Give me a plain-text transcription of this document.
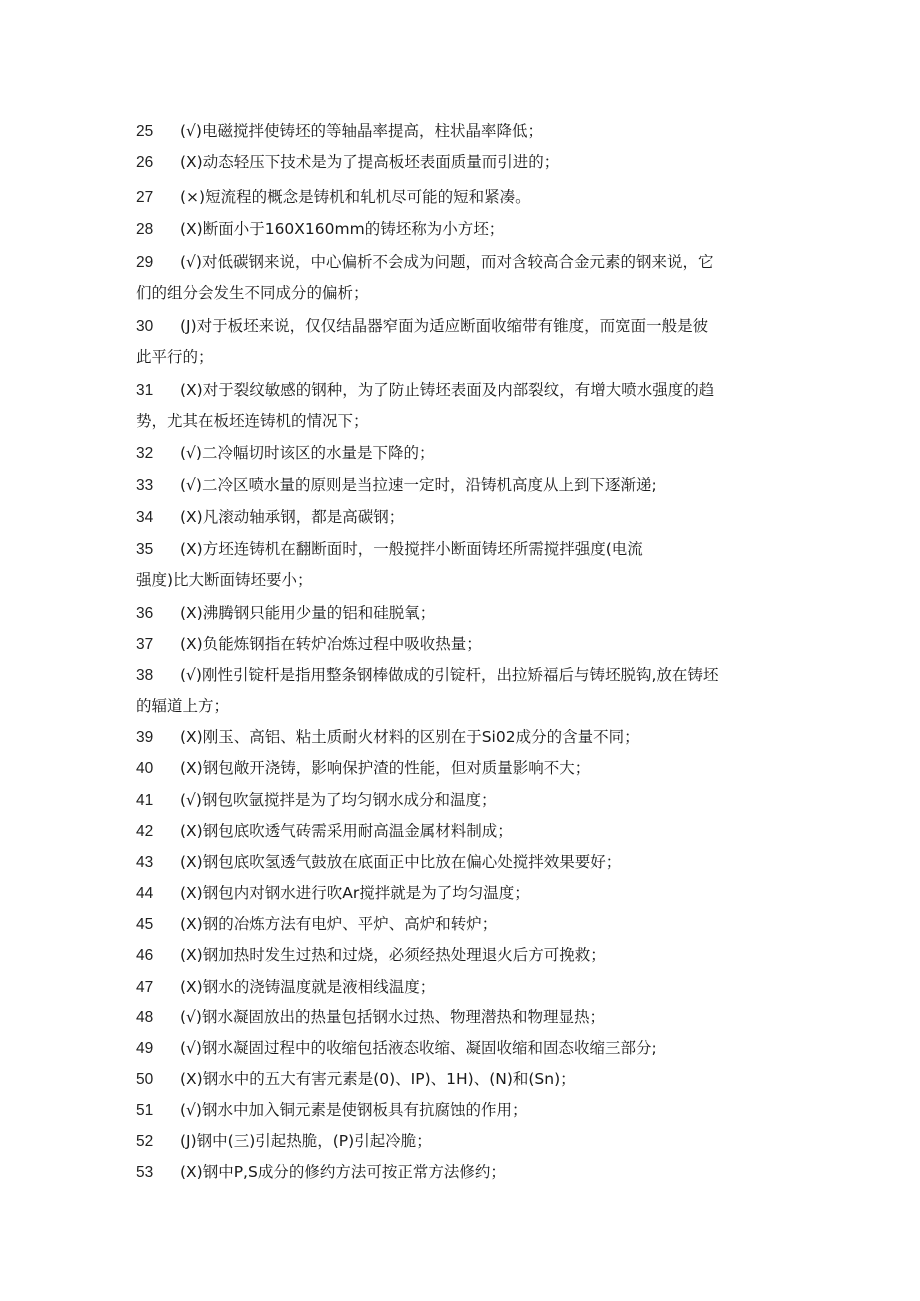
25 (√)电磁搅拌使铸坯的等轴晶率提高，柱状晶率降低；
26 (X)动态轻压下技术是为了提高板坯表面质量而引进的；
27 (×)短流程的概念是铸机和轧机尽可能的短和紧凑。
28 (X)断面小于160X160mm的铸坯称为小方坯；
29 (√)对低碳钢来说，中心偏析不会成为问题，而对含较高合金元素的钢来说，它
们的组分会发生不同成分的偏析；
30 (J)对于板坯来说，仅仅结晶器窄面为适应断面收缩带有锥度，而宽面一般是彼
此平行的；
31 (X)对于裂纹敏感的钢种，为了防止铸坯表面及内部裂纹，有增大喷水强度的趋
势，尤其在板坯连铸机的情况下；
32 (√)二冷幅切时该区的水量是下降的；
33 (√)二冷区喷水量的原则是当拉速一定时，沿铸机高度从上到下逐渐递;
34 (X)凡滚动轴承钢，都是高碳钢；
35 (X)方坯连铸机在翻断面时，一般搅拌小断面铸坯所需搅拌强度(电流
强度)比大断面铸坯要小；
36 (X)沸腾钢只能用少量的铝和硅脱氧；
37 (X)负能炼钢指在转炉冶炼过程中吸收热量；
38 (√)刚性引锭杆是指用整条钢棒做成的引锭杆，出拉矫福后与铸坯脱钩,放在铸坯
的辐道上方；
39 (X)刚玉、高铝、粘土质耐火材料的区别在于Si02成分的含量不同；
40 (X)钢包敞开浇铸，影响保护渣的性能，但对质量影响不大；
41 (√)钢包吹氩搅拌是为了均匀钢水成分和温度；
42 (X)钢包底吹透气砖需采用耐高温金属材料制成；
43 (X)钢包底吹氢透气鼓放在底面正中比放在偏心处搅拌效果要好；
44 (X)钢包内对钢水进行吹Ar搅拌就是为了均匀温度；
45 (X)钢的冶炼方法有电炉、平炉、高炉和转炉；
46 (X)钢加热时发生过热和过烧，必须经热处理退火后方可挽救；
47 (X)钢水的浇铸温度就是液相线温度；
48 (√)钢水凝固放出的热量包括钢水过热、物理潜热和物理显热；
49 (√)钢水凝固过程中的收缩包括液态收缩、凝固收缩和固态收缩三部分;
50 (X)钢水中的五大有害元素是(0)、IP)、1H)、(N)和(Sn)；
51 (√)钢水中加入铜元素是使钢板具有抗腐蚀的作用；
52 (J)钢中(三)引起热脆，(P)引起冷脆；
53 (X)钢中P,S成分的修约方法可按正常方法修约；
